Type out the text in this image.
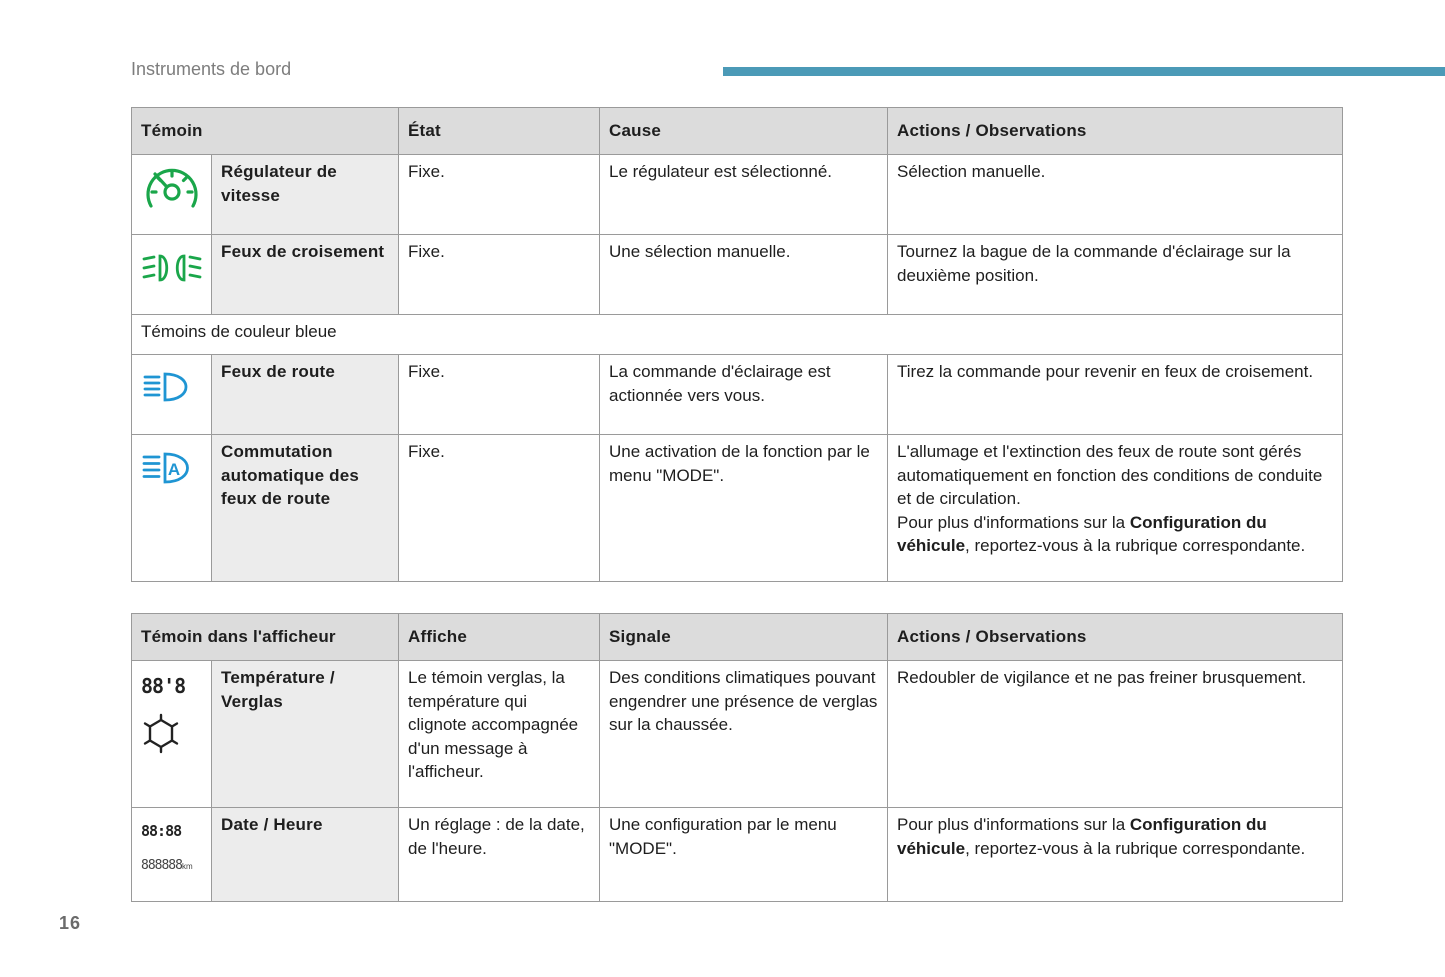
Instruments de bord
Témoin		État	Cause	Actions / Observations
	Régulateur de vitesse	Fixe.	Le régulateur est sélectionné.	Sélection manuelle.
	Feux de croisement	Fixe.	Une sélection manuelle.	Tournez la bague de la commande d'éclairage sur la deuxième position.
Témoins de couleur bleue				
	Feux de route	Fixe.	La commande d'éclairage est actionnée vers vous.	Tirez la commande pour revenir en feux de croisement.

A	Commutation automatique des feux de route	Fixe.	Une activation de la fonction par le menu "MODE".	L'allumage et l'extinction des feux de route sont gérés automatiquement en fonction des conditions de conduite et de circulation.
Pour plus d'informations sur la Configuration du véhicule, reportez-vous à la rubrique correspondante.
Témoin dans l'afficheur		Affiche	Signale	Actions / Observations

88'8	Température / Verglas	Le témoin verglas, la température qui clignote accompagnée d'un message à l'afficheur.	Des conditions climatiques pouvant engendrer une présence de verglas sur la chaussée.	Redoubler de vigilance et ne pas freiner brusquement.

88:88
888888km	Date / Heure	Un réglage : de la date, de l'heure.	Une configuration par le menu "MODE".	Pour plus d'informations sur la Configuration du véhicule, reportez-vous à la rubrique correspondante.
16
